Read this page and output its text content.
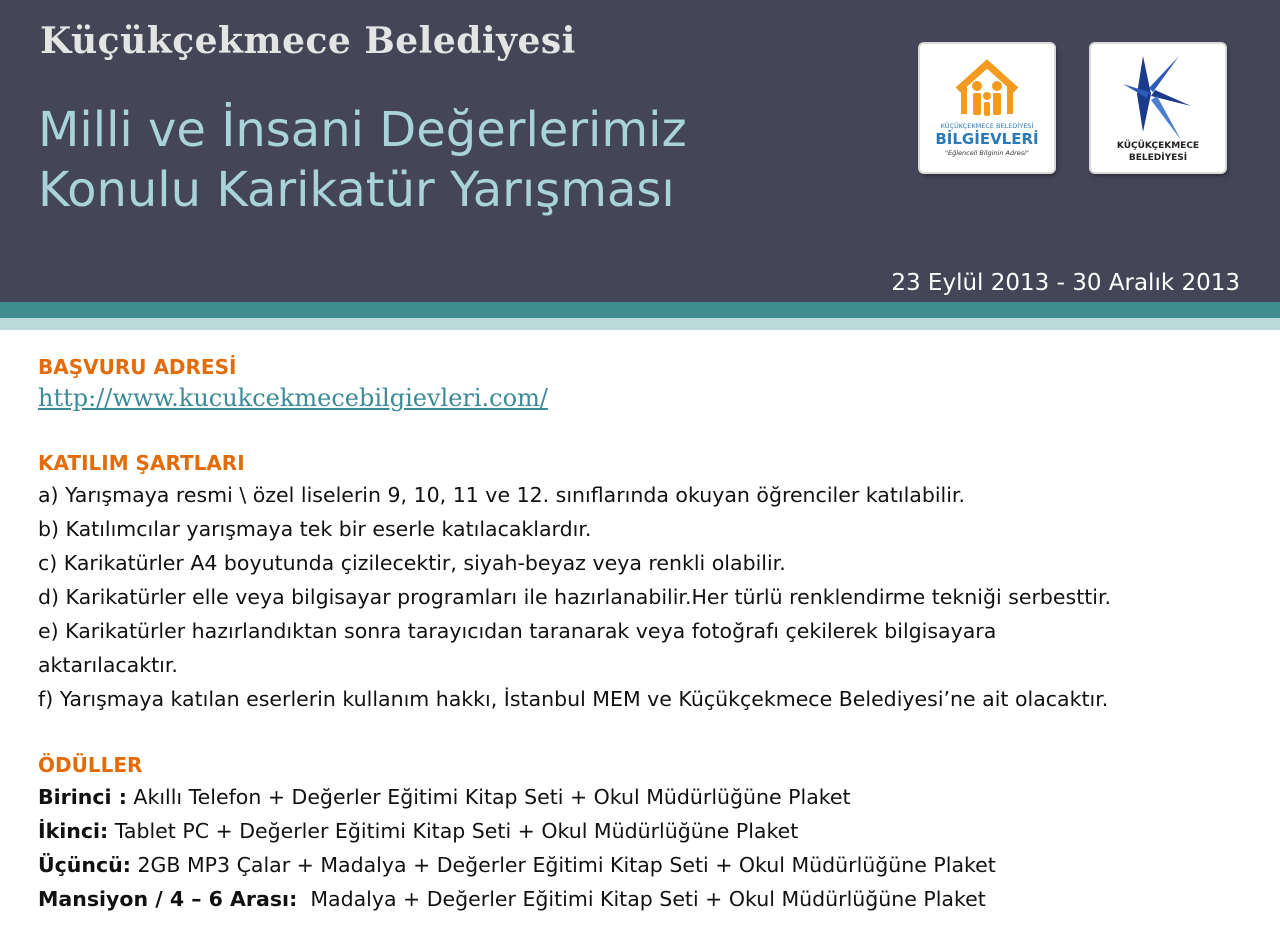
Küçükçekmece Belediyesi
Milli ve İnsani Değerlerimiz
Konulu Karikatür Yarışması
23 Eylül 2013 - 30 Aralık 2013
KÜÇÜKÇEKMECE BELEDİYESİ
BİLGİEVLERİ
"Eğlenceli Bilginin Adresi"
KÜÇÜKÇEKMECE
BELEDİYESİ
BAŞVURU ADRESİ
http://www.kucukcekmecebilgievleri.com/
KATILIM ŞARTLARI

a) Yarışmaya resmi \ özel liselerin 9, 10, 11 ve 12. sınıflarında okuyan öğrenciler katılabilir.

b) Katılımcılar yarışmaya tek bir eserle katılacaklardır.

c) Karikatürler A4 boyutunda çizilecektir, siyah-beyaz veya renkli olabilir.

d) Karikatürler elle veya bilgisayar programları ile hazırlanabilir.Her türlü renklendirme tekniği serbesttir.

e) Karikatürler hazırlandıktan sonra tarayıcıdan taranarak veya fotoğrafı çekilerek bilgisayara aktarılacaktır.

f) Yarışmaya katılan eserlerin kullanım hakkı, İstanbul MEM ve Küçükçekmece Belediyesi’ne ait olacaktır.

ÖDÜLLER
Birinci : Akıllı Telefon + Değerler Eğitimi Kitap Seti + Okul Müdürlüğüne Plaket
İkinci: Tablet PC + Değerler Eğitimi Kitap Seti + Okul Müdürlüğüne Plaket
Üçüncü: 2GB MP3 Çalar + Madalya + Değerler Eğitimi Kitap Seti + Okul Müdürlüğüne Plaket
Mansiyon / 4 – 6 Arası:  Madalya + Değerler Eğitimi Kitap Seti + Okul Müdürlüğüne Plaket
